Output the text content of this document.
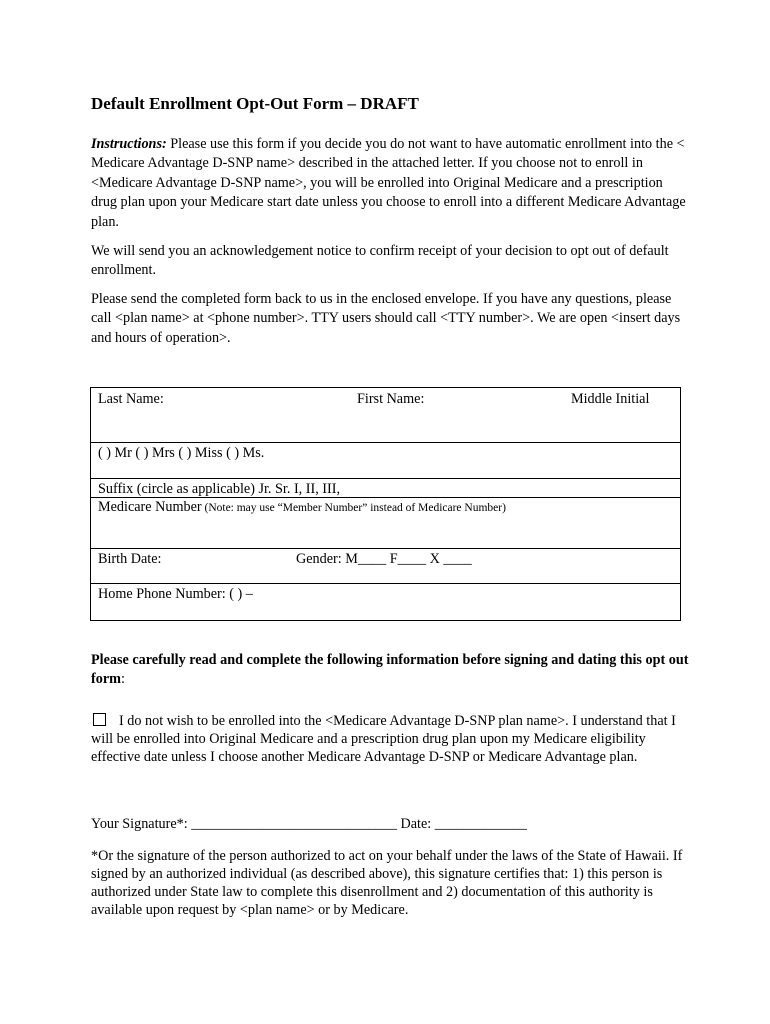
Default Enrollment Opt-Out Form – DRAFT
Instructions: Please use this form if you decide you do not want to have automatic enrollment into the < Medicare Advantage D-SNP name> described in the attached letter. If you choose not to enroll in <Medicare Advantage D-SNP name>, you will be enrolled into Original Medicare and a prescription drug plan upon your Medicare start date unless you choose to enroll into a different Medicare Advantage plan.
We will send you an acknowledgement notice to confirm receipt of your decision to opt out of default enrollment.
Please send the completed form back to us in the enclosed envelope. If you have any questions, please call <plan name> at <phone number>. TTY users should call <TTY number>. We are open <insert days and hours of operation>.
Last Name:	First Name:	Middle Initial
( ) Mr ( ) Mrs ( ) Miss ( ) Ms.
Suffix (circle as applicable) Jr. Sr. I, II, III,
Medicare Number (Note: may use “Member Number” instead of Medicare Number)
Birth Date:	Gender: M____ F____ X ____
Home Phone Number: ( ) –
Please carefully read and complete the following information before signing and dating this opt out form:
I do not wish to be enrolled into the <Medicare Advantage D-SNP plan name>. I understand that I will be enrolled into Original Medicare and a prescription drug plan upon my Medicare eligibility effective date unless I choose another Medicare Advantage D-SNP or Medicare Advantage plan.
Your Signature*: _____________________________ Date: _____________
*Or the signature of the person authorized to act on your behalf under the laws of the State of Hawaii. If signed by an authorized individual (as described above), this signature certifies that: 1) this person is authorized under State law to complete this disenrollment and 2) documentation of this authority is available upon request by <plan name> or by Medicare.
